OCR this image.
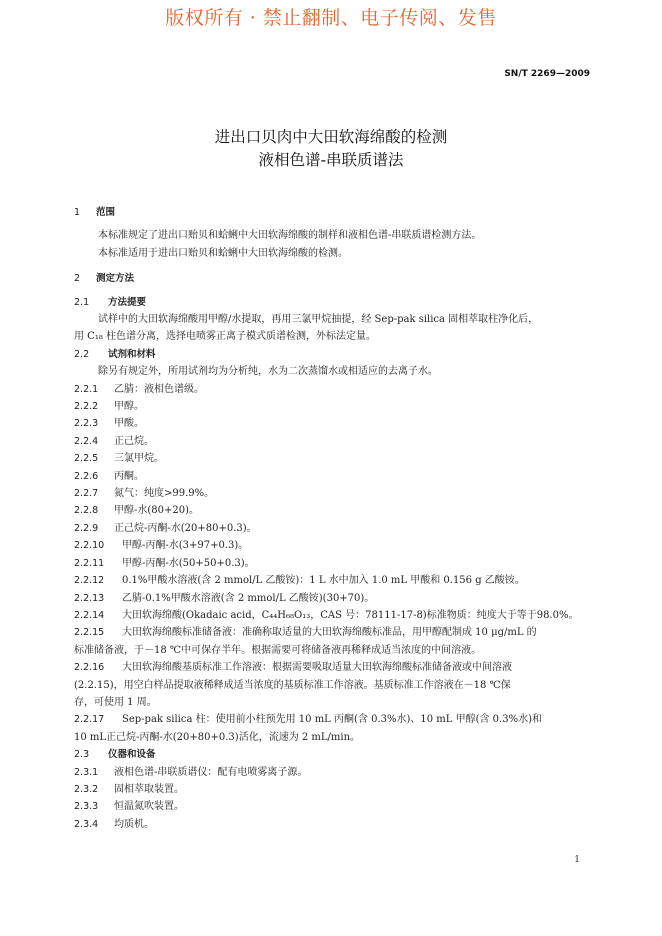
版权所有 · 禁止翻制、电子传阅、发售
SN/T 2269—2009
进出口贝肉中大田软海绵酸的检测
液相色谱-串联质谱法
1 范围

本标准规定了进出口贻贝和蛤蜊中大田软海绵酸的制样和液相色谱-串联质谱检测方法。

本标准适用于进出口贻贝和蛤蜊中大田软海绵酸的检测。

2 测定方法
2.1 方法提要

试样中的大田软海绵酸用甲醇/水提取，再用三氯甲烷抽提，经 Sep-pak silica 固相萃取柱净化后，

用 C₁₈ 柱色谱分离，选择电喷雾正离子模式质谱检测，外标法定量。

2.2 试剂和材料

除另有规定外，所用试剂均为分析纯，水为二次蒸馏水或相适应的去离子水。

2.2.1 乙腈：液相色谱级。

2.2.2 甲醇。

2.2.3 甲酸。

2.2.4 正己烷。

2.2.5 三氯甲烷。

2.2.6 丙酮。

2.2.7 氮气：纯度>99.9%。

2.2.8 甲醇-水(80+20)。

2.2.9 正己烷-丙酮-水(20+80+0.3)。

2.2.10 甲醇-丙酮-水(3+97+0.3)。

2.2.11 甲醇-丙酮-水(50+50+0.3)。

2.2.12 0.1%甲酸水溶液(含 2 mmol/L 乙酸铵)：1 L 水中加入 1.0 mL 甲酸和 0.156 g 乙酸铵。

2.2.13 乙腈-0.1%甲酸水溶液(含 2 mmol/L 乙酸铵)(30+70)。

2.2.14 大田软海绵酸(Okadaic acid，C₄₄H₆₈O₁₃，CAS 号：78111-17-8)标准物质：纯度大于等于98.0%。

2.2.15 大田软海绵酸标准储备液：准确称取适量的大田软海绵酸标准品，用甲醇配制成 10 μg/mL 的

标准储备液，于－18 ℃中可保存半年。根据需要可将储备液再稀释成适当浓度的中间溶液。

2.2.16 大田软海绵酸基质标准工作溶液：根据需要吸取适量大田软海绵酸标准储备液或中间溶液

(2.2.15)，用空白样品提取液稀释成适当浓度的基质标准工作溶液。基质标准工作溶液在－18 ℃保

存，可使用 1 周。

2.2.17 Sep-pak silica 柱：使用前小柱预先用 10 mL 丙酮(含 0.3%水)、10 mL 甲醇(含 0.3%水)和

10 mL正己烷-丙酮-水(20+80+0.3)活化，流速为 2 mL/min。

2.3 仪器和设备

2.3.1 液相色谱-串联质谱仪：配有电喷雾离子源。

2.3.2 固相萃取装置。

2.3.3 恒温氮吹装置。

2.3.4 均质机。

1
